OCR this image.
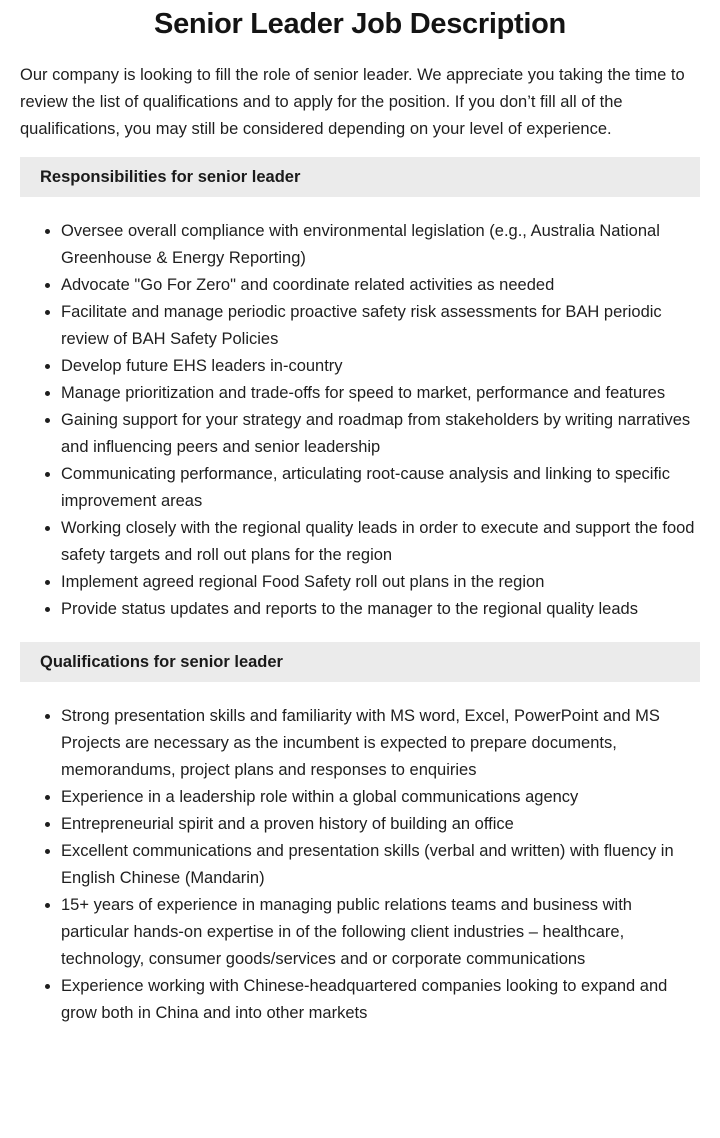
Senior Leader Job Description

Our company is looking to fill the role of senior leader. We appreciate you taking the time to review the list of qualifications and to apply for the position. If you don’t fill all of the qualifications, you may still be considered depending on your level of experience.

Responsibilities for senior leader
Oversee overall compliance with environmental legislation (e.g., Australia National Greenhouse & Energy Reporting)
Advocate "Go For Zero" and coordinate related activities as needed
Facilitate and manage periodic proactive safety risk assessments for BAH periodic review of BAH Safety Policies
Develop future EHS leaders in-country
Manage prioritization and trade-offs for speed to market, performance and features
Gaining support for your strategy and roadmap from stakeholders by writing narratives and influencing peers and senior leadership
Communicating performance, articulating root-cause analysis and linking to specific improvement areas
Working closely with the regional quality leads in order to execute and support the food safety targets and roll out plans for the region
Implement agreed regional Food Safety roll out plans in the region
Provide status updates and reports to the manager to the regional quality leads
Qualifications for senior leader
Strong presentation skills and familiarity with MS word, Excel, PowerPoint and MS Projects are necessary as the incumbent is expected to prepare documents, memorandums, project plans and responses to enquiries
Experience in a leadership role within a global communications agency
Entrepreneurial spirit and a proven history of building an office
Excellent communications and presentation skills (verbal and written) with fluency in English Chinese (Mandarin)
15+ years of experience in managing public relations teams and business with particular hands-on expertise in of the following client industries – healthcare, technology, consumer goods/services and or corporate communications
Experience working with Chinese-headquartered companies looking to expand and grow both in China and into other markets
